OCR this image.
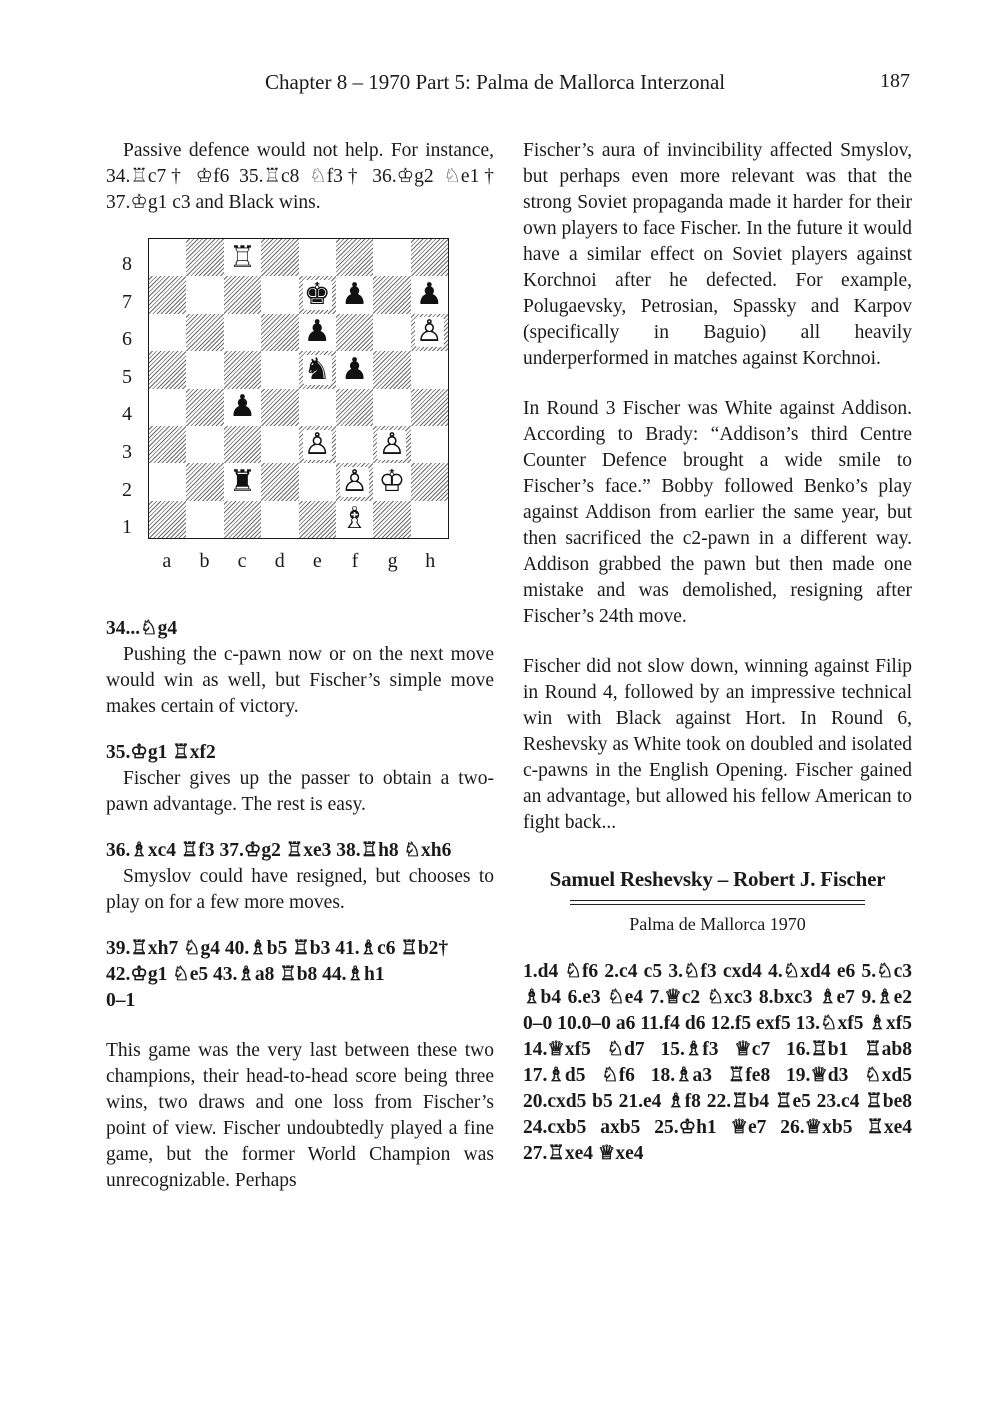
Chapter 8 – 1970 Part 5: Palma de Mallorca Interzonal	187

Passive defence would not help. For instance, 34.♖c7† ♔f6 35.♖c8 ♘f3† 36.♔g2 ♘e1† 37.♔g1 c3 and Black wins.

8
7
6
5
4
3
2
1
♖
♚ ♟ ♟
♟	♙
♞ ♟
♟
♙ ♙
♜	♙ ♔
♗
a	b	c	d	e	f	g	h

34...♘g4

Pushing the c-pawn now or on the next move would win as well, but Fischer’s simple move makes certain of victory.

35.♔g1 ♖xf2

Fischer gives up the passer to obtain a two-pawn advantage. The rest is easy.

36.♗xc4 ♖f3 37.♔g2 ♖xe3 38.♖h8 ♘xh6

Smyslov could have resigned, but chooses to play on for a few more moves.

39.♖xh7 ♘g4 40.♗b5 ♖b3 41.♗c6 ♖b2†

42.♔g1 ♘e5 43.♗a8 ♖b8 44.♗h1

0–1

This game was the very last between these two champions, their head-to-head score being three wins, two draws and one loss from Fischer’s point of view. Fischer undoubtedly played a fine game, but the former World Champion was unrecognizable. Perhaps

Fischer’s aura of invincibility affected Smyslov, but perhaps even more relevant was that the strong Soviet propaganda made it harder for their own players to face Fischer. In the future it would have a similar effect on Soviet players against Korchnoi after he defected. For example, Polugaevsky, Petrosian, Spassky and Karpov (specifically in Baguio) all heavily underperformed in matches against Korchnoi.

In Round 3 Fischer was White against Addison. According to Brady: “Addison’s third Centre Counter Defence brought a wide smile to Fischer’s face.” Bobby followed Benko’s play against Addison from earlier the same year, but then sacrificed the c2-pawn in a different way. Addison grabbed the pawn but then made one mistake and was demolished, resigning after Fischer’s 24th move.

Fischer did not slow down, winning against Filip in Round 4, followed by an impressive technical win with Black against Hort. In Round 6, Reshevsky as White took on doubled and isolated c-pawns in the English Opening. Fischer gained an advantage, but allowed his fellow American to fight back...

Samuel Reshevsky – Robert J. Fischer
Palma de Mallorca 1970

1.d4 ♘f6 2.c4 c5 3.♘f3 cxd4 4.♘xd4 e6 5.♘c3 ♗b4 6.e3 ♘e4 7.♕c2 ♘xc3 8.bxc3 ♗e7 9.♗e2 0–0 10.0–0 a6 11.f4 d6 12.f5 exf5 13.♘xf5 ♗xf5 14.♕xf5 ♘d7 15.♗f3 ♕c7 16.♖b1 ♖ab8 17.♗d5 ♘f6 18.♗a3 ♖fe8 19.♕d3 ♘xd5 20.cxd5 b5 21.e4 ♗f8 22.♖b4 ♖e5 23.c4 ♖be8 24.cxb5 axb5 25.♔h1 ♕e7 26.♕xb5 ♖xe4 27.♖xe4 ♕xe4
